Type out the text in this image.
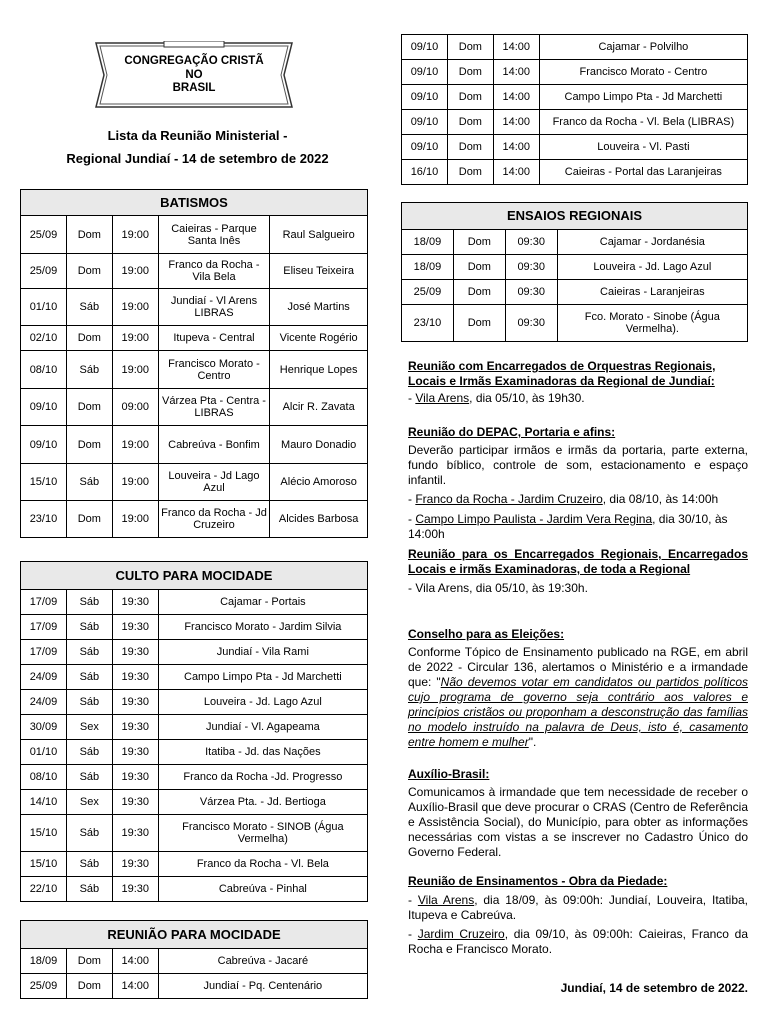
CONGREGAÇÃO CRISTÃ
NO
BRASIL
Lista da Reunião Ministerial -
Regional Jundiaí - 14 de setembro de 2022
BATISMOS				
25/09	Dom	19:00	Caieiras - Parque Santa Inês	Raul Salgueiro
25/09	Dom	19:00	Franco da Rocha - Vila Bela	Eliseu Teixeira
01/10	Sáb	19:00	Jundiaí - Vl Arens LIBRAS	José Martins
02/10	Dom	19:00	Itupeva - Central	Vicente Rogério
08/10	Sáb	19:00	Francisco Morato - Centro	Henrique Lopes
09/10	Dom	09:00	Várzea Pta - Centra - LIBRAS	Alcir R. Zavata
09/10	Dom	19:00	Cabreúva - Bonfim	Mauro Donadio
15/10	Sáb	19:00	Louveira - Jd Lago Azul	Alécio Amoroso
23/10	Dom	19:00	Franco da Rocha - Jd Cruzeiro	Alcides Barbosa
CULTO PARA MOCIDADE			
17/09	Sáb	19:30	Cajamar - Portais
17/09	Sáb	19:30	Francisco Morato - Jardim Silvia
17/09	Sáb	19:30	Jundiaí - Vila Rami
24/09	Sáb	19:30	Campo Limpo Pta - Jd Marchetti
24/09	Sáb	19:30	Louveira - Jd. Lago Azul
30/09	Sex	19:30	Jundiaí - Vl. Agapeama
01/10	Sáb	19:30	Itatiba - Jd. das Nações
08/10	Sáb	19:30	Franco da Rocha -Jd. Progresso
14/10	Sex	19:30	Várzea Pta. - Jd. Bertioga
15/10	Sáb	19:30	Francisco Morato - SINOB (Água Vermelha)
15/10	Sáb	19:30	Franco da Rocha - Vl. Bela
22/10	Sáb	19:30	Cabreúva - Pinhal
REUNIÃO PARA MOCIDADE			
18/09	Dom	14:00	Cabreúva - Jacaré
25/09	Dom	14:00	Jundiaí - Pq. Centenário
09/10	Dom	14:00	Cajamar - Polvilho
09/10	Dom	14:00	Francisco Morato - Centro
09/10	Dom	14:00	Campo Limpo Pta - Jd Marchetti
09/10	Dom	14:00	Franco da Rocha - Vl. Bela (LIBRAS)
09/10	Dom	14:00	Louveira - Vl. Pasti
16/10	Dom	14:00	Caieiras - Portal das Laranjeiras
ENSAIOS REGIONAIS			
18/09	Dom	09:30	Cajamar - Jordanésia
18/09	Dom	09:30	Louveira - Jd. Lago Azul
25/09	Dom	09:30	Caieiras - Laranjeiras
23/10	Dom	09:30	Fco. Morato - Sinobe (Água Vermelha).
Reunião com Encarregados de Orquestras Regionais, Locais e Irmãs Examinadoras da Regional de Jundiaí:
- Vila Arens, dia 05/10, às 19h30.
Reunião do DEPAC, Portaria e afins:
Deverão participar irmãos e irmãs da portaria, parte externa, fundo bíblico, controle de som, estacionamento e espaço infantil.
- Franco da Rocha - Jardim Cruzeiro, dia 08/10, às 14:00h
- Campo Limpo Paulista - Jardim Vera Regina, dia 30/10, às 14:00h
Reunião para os Encarregados Regionais, Encarregados Locais e irmãs Examinadoras, de toda a Regional
- Vila Arens, dia 05/10, às 19:30h.
Conselho para as Eleições:
Conforme Tópico de Ensinamento publicado na RGE, em abril de 2022 - Circular 136, alertamos o Ministério e a irmandade que: "Não devemos votar em candidatos ou partidos políticos cujo programa de governo seja contrário aos valores e princípios cristãos ou proponham a desconstrução das famílias no modelo instruído na palavra de Deus, isto é, casamento entre homem e mulher".
Auxílio-Brasil:
Comunicamos à irmandade que tem necessidade de receber o Auxílio-Brasil que deve procurar o CRAS (Centro de Referência e Assistência Social), do Município, para obter as informações necessárias com vistas a se inscrever no Cadastro Único do Governo Federal.
Reunião de Ensinamentos - Obra da Piedade:
- Vila Arens, dia 18/09, às 09:00h: Jundiaí, Louveira, Itatiba, Itupeva e Cabreúva.
- Jardim Cruzeiro, dia 09/10, às 09:00h: Caieiras, Franco da Rocha e Francisco Morato.
Jundiaí, 14 de setembro de 2022.
